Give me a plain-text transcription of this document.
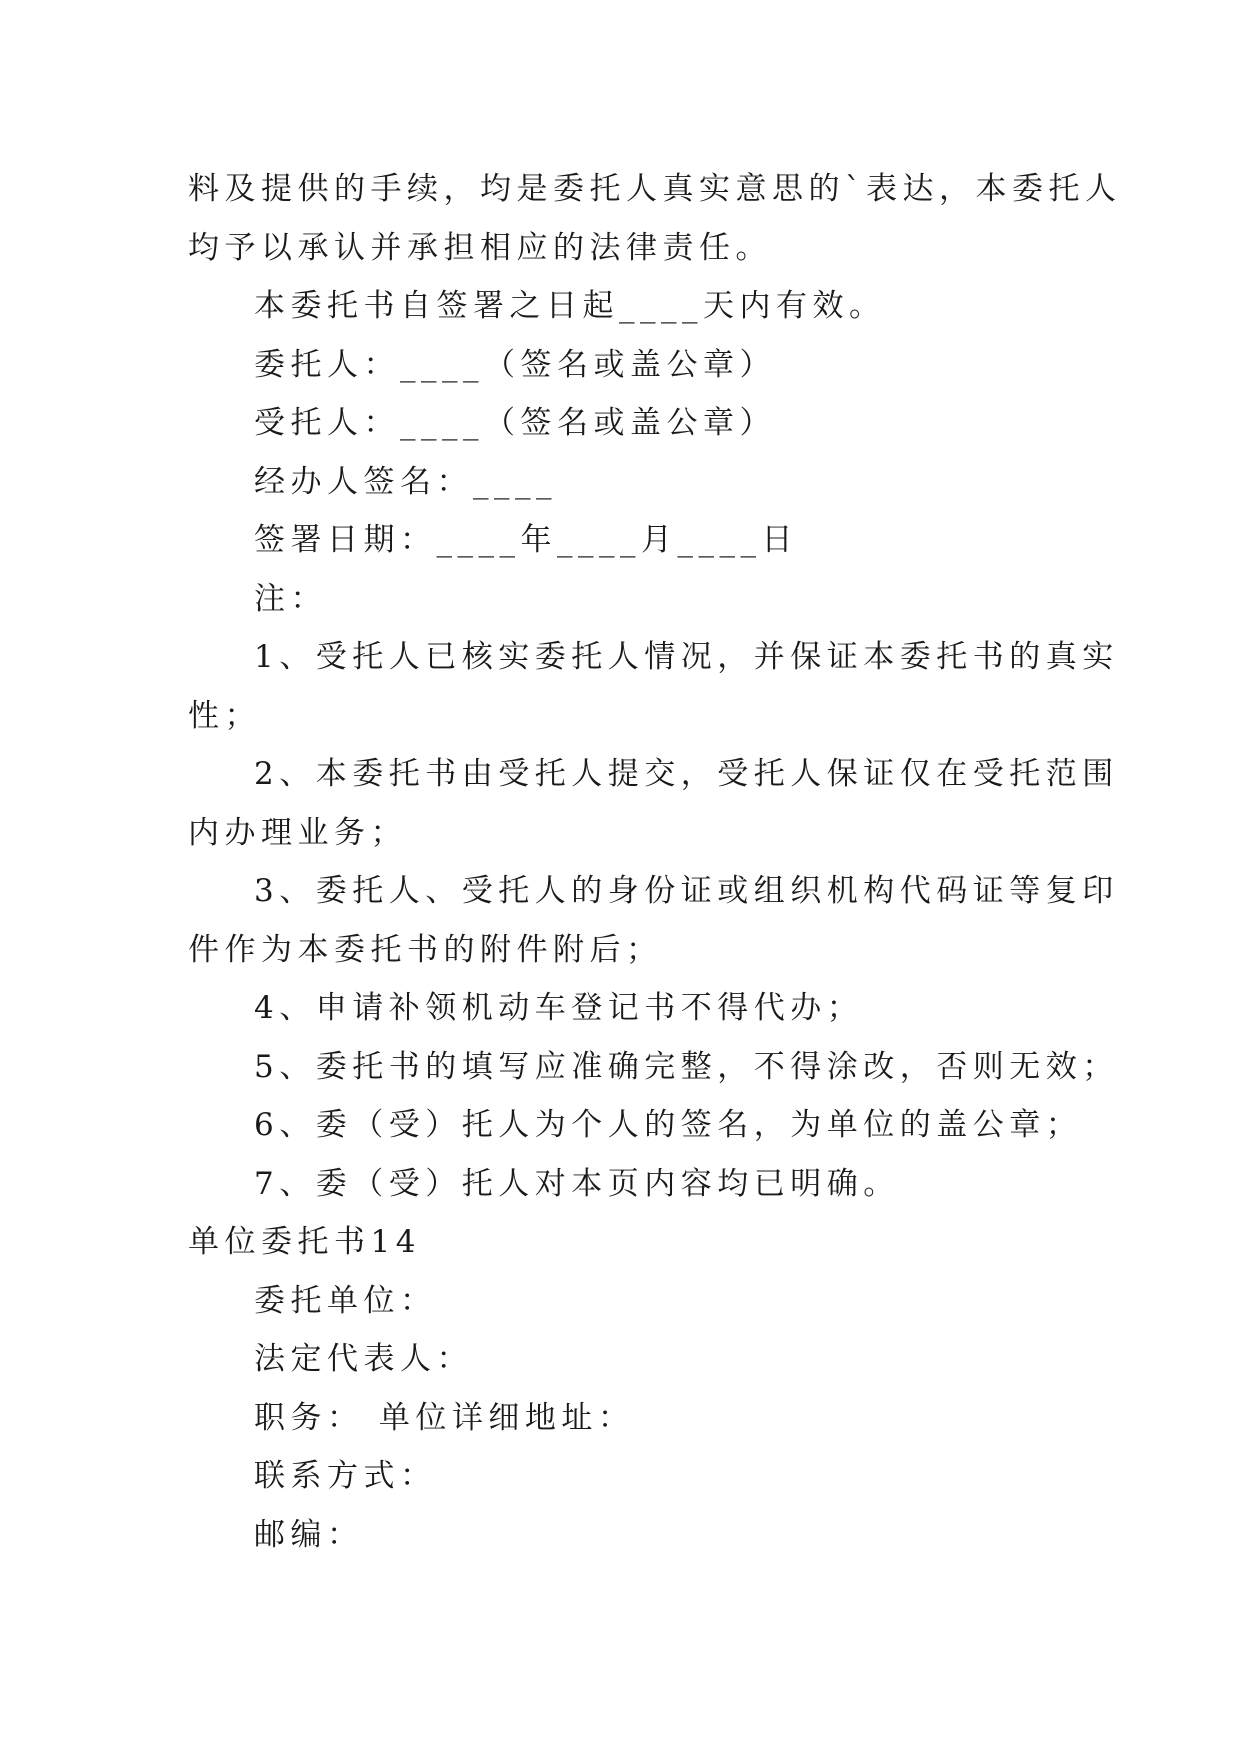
料及提供的手续，均是委托人真实意思的`表达，本委托人
均予以承认并承担相应的法律责任。
本委托书自签署之日起____天内有效。
委托人：____（签名或盖公章）
受托人：____（签名或盖公章）
经办人签名：____
签署日期：____年____月____日
注：
1、受托人已核实委托人情况，并保证本委托书的真实
性；
2、本委托书由受托人提交，受托人保证仅在受托范围
内办理业务；
3、委托人、受托人的身份证或组织机构代码证等复印
件作为本委托书的附件附后；
4、申请补领机动车登记书不得代办；
5、委托书的填写应准确完整，不得涂改，否则无效；
6、委（受）托人为个人的签名，为单位的盖公章；
7、委（受）托人对本页内容均已明确。
单位委托书14
委托单位：
法定代表人：
职务： 单位详细地址：
联系方式：
邮编：
